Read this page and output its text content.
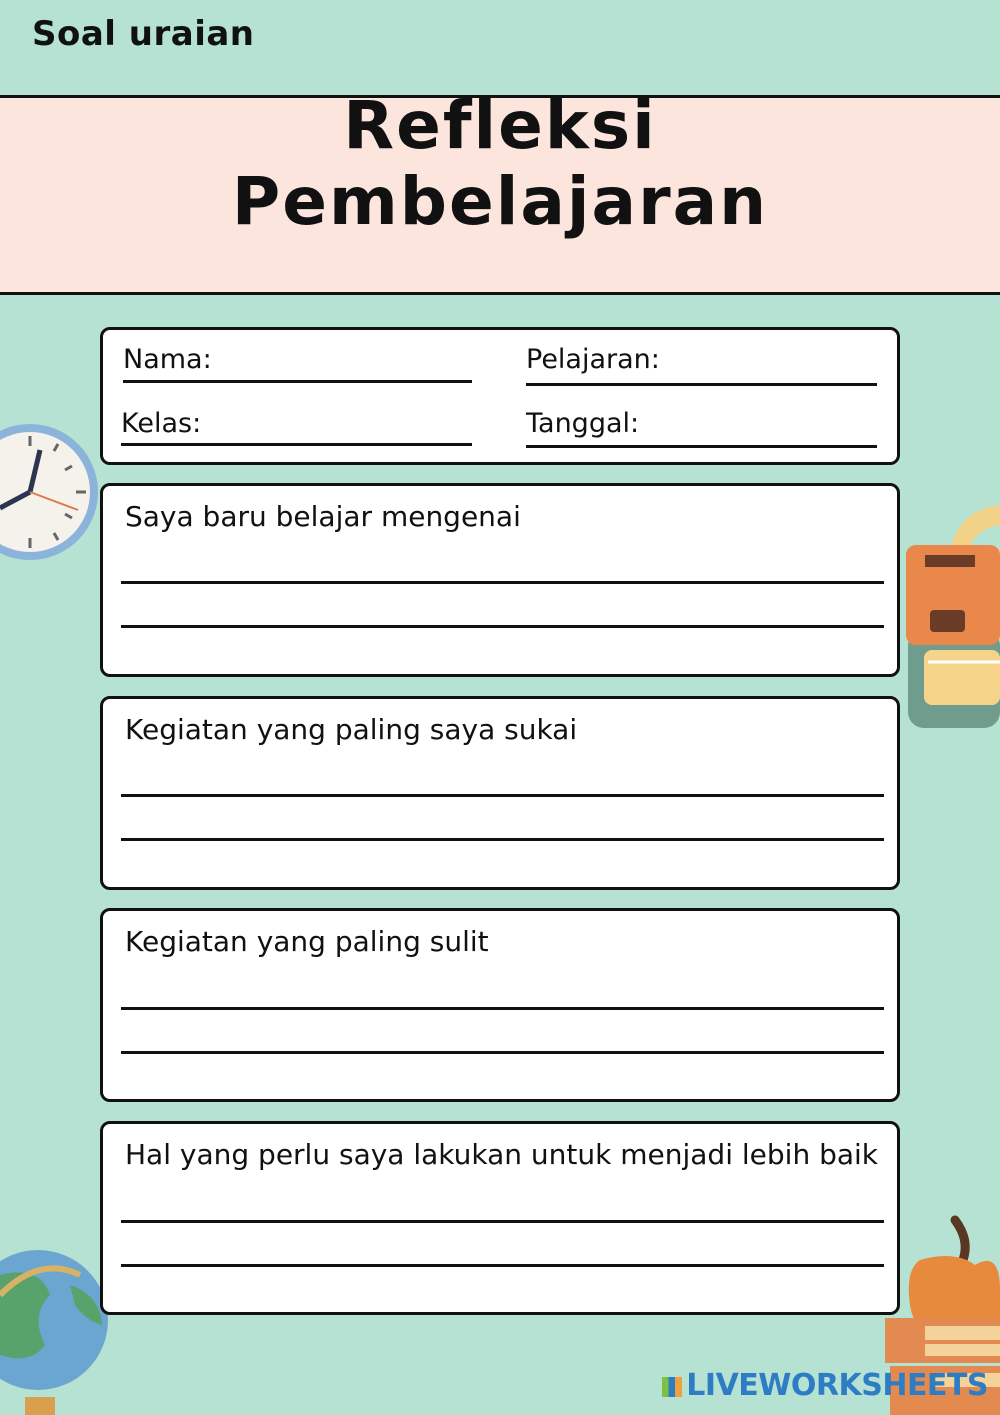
Soal uraian
Refleksi
Pembelajaran
Nama:	Pelajaran:
Kelas:	Tanggal:
Saya baru belajar mengenai
Kegiatan yang paling saya sukai
Kegiatan yang paling sulit
Hal yang perlu saya lakukan untuk menjadi lebih baik
LIVEWORKSHEETS
